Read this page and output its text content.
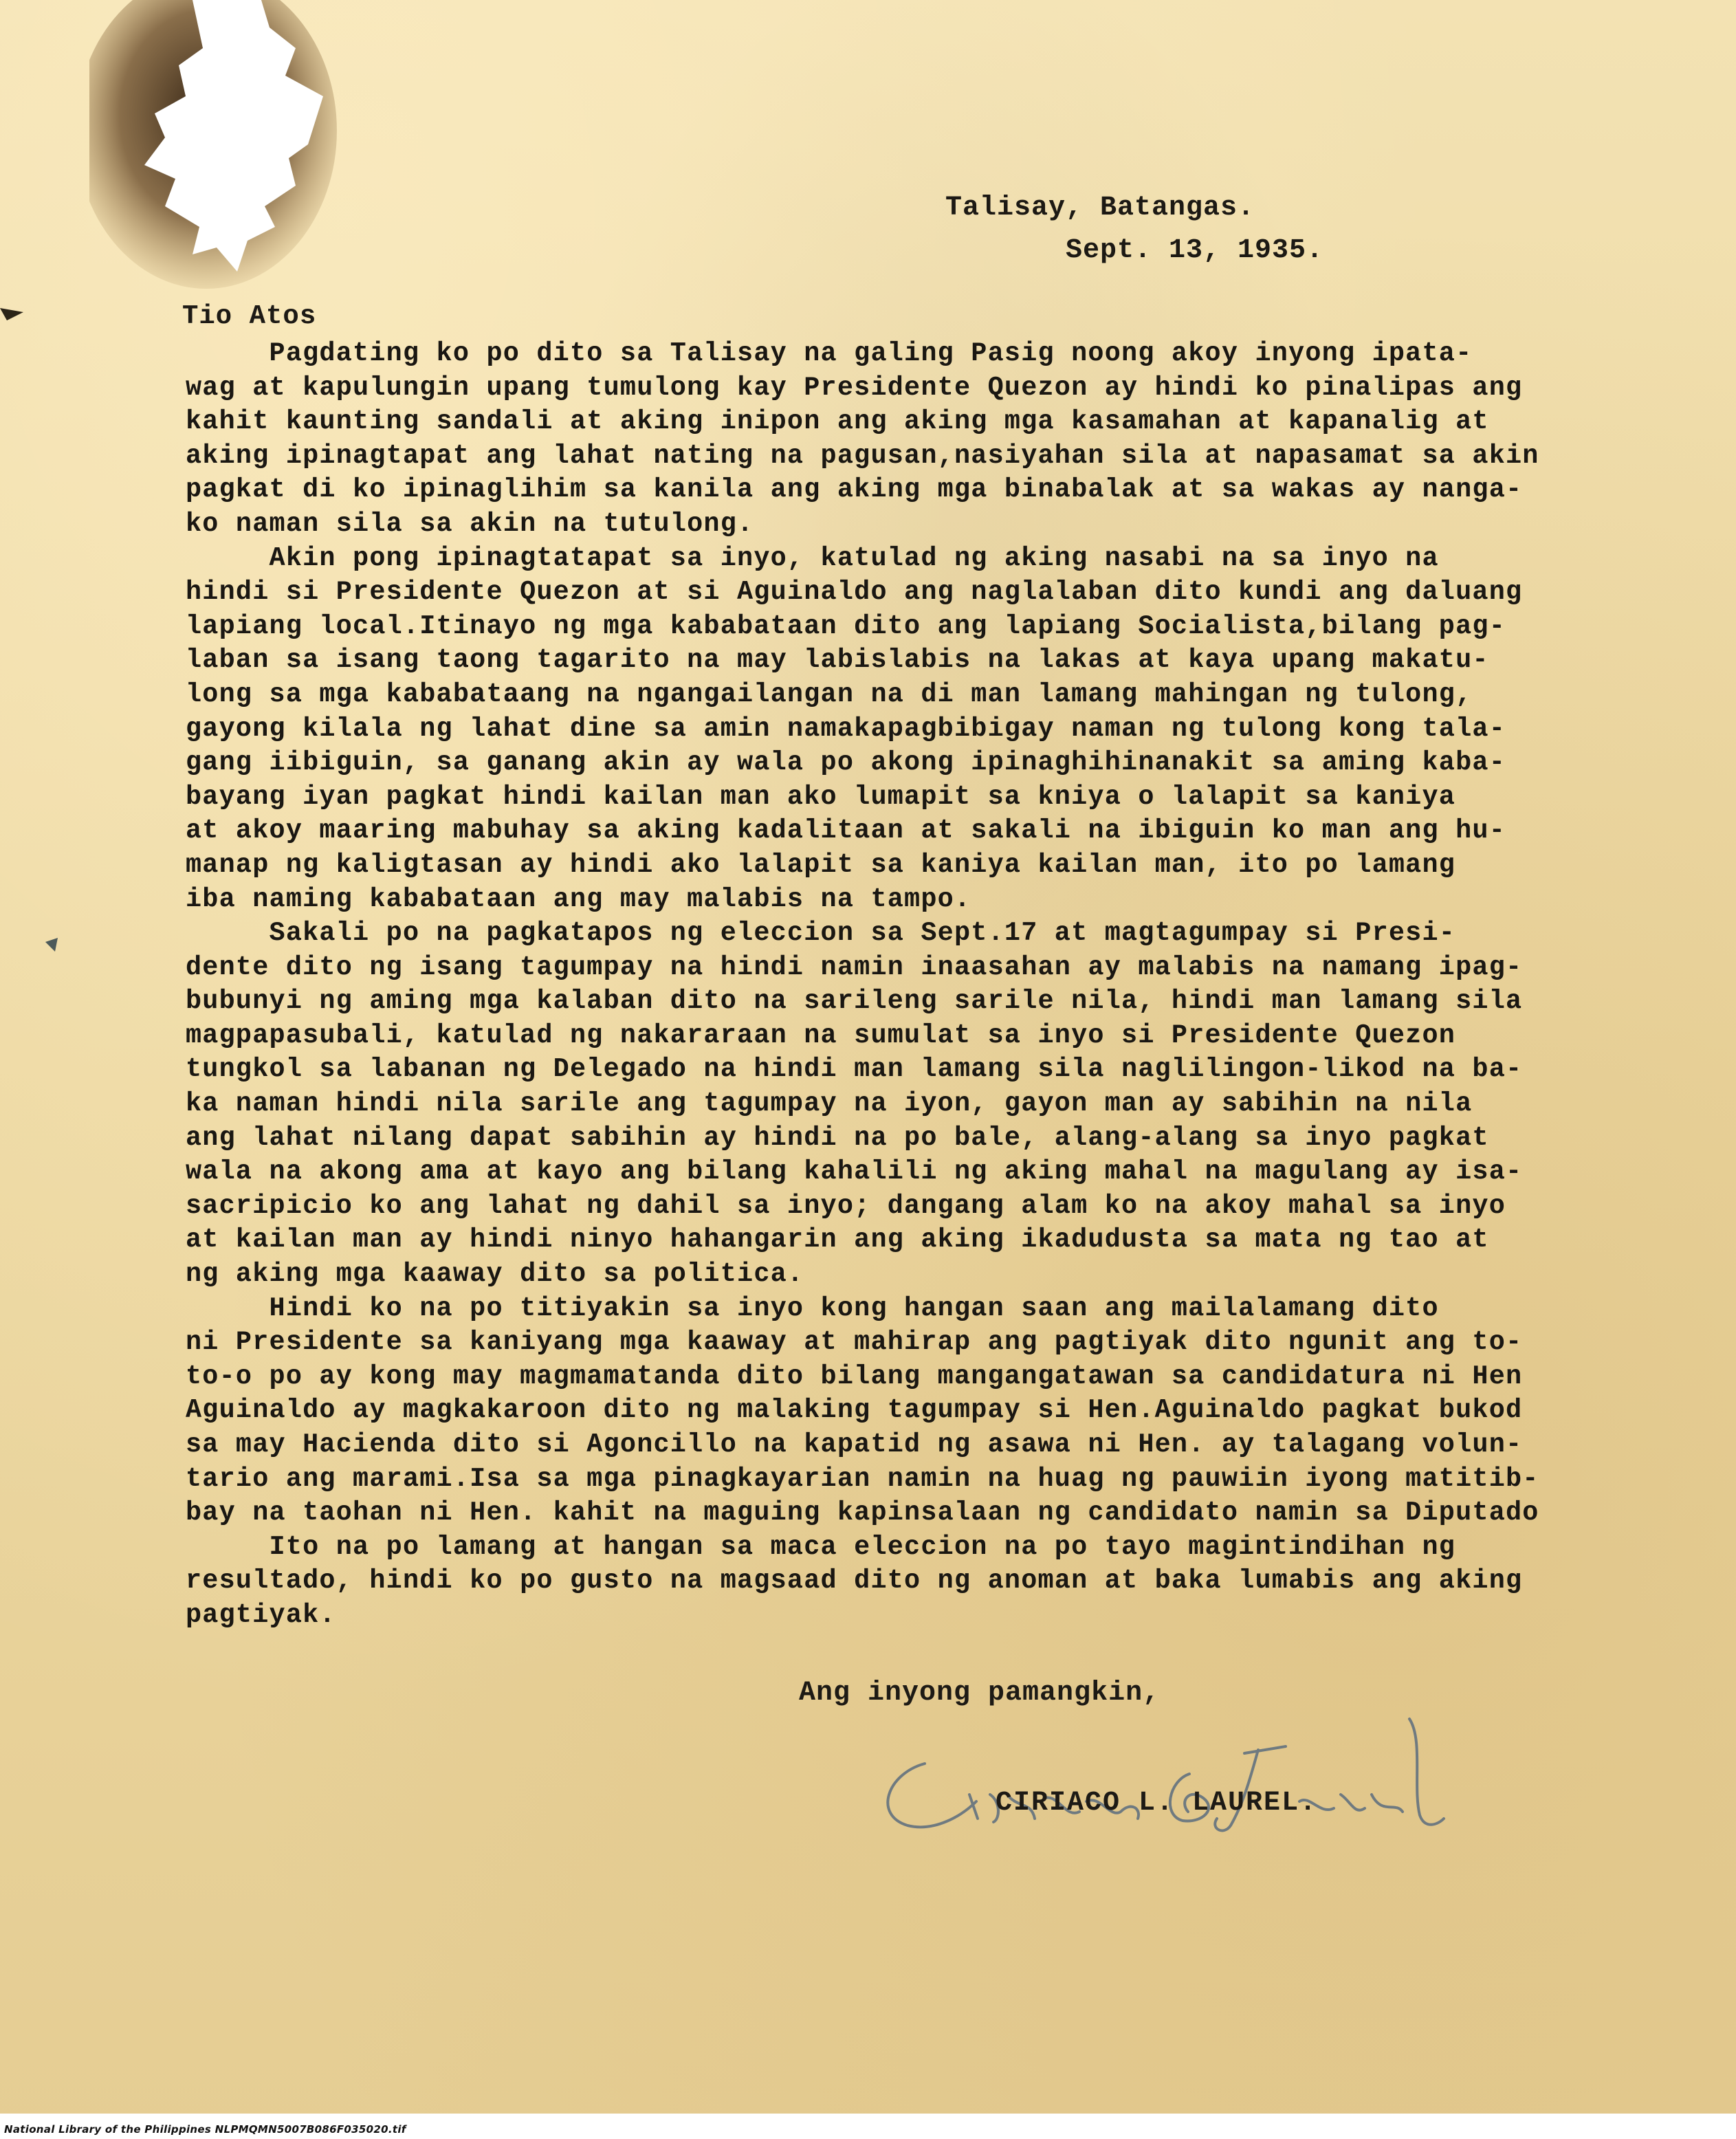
Talisay, Batangas.
Sept. 13, 1935.
Tio Atos
Pagdating ko po dito sa Talisay na galing Pasig noong akoy inyong ipata-
wag at kapulungin upang tumulong kay Presidente Quezon ay hindi ko pinalipas ang
kahit kaunting sandali at aking inipon ang aking mga kasamahan at kapanalig at
aking ipinagtapat ang lahat nating na pagusan,nasiyahan sila at napasamat sa akin
pagkat di ko ipinaglihim sa kanila ang aking mga binabalak at sa wakas ay nanga-
ko naman sila sa akin na tutulong.
Akin pong ipinagtatapat sa inyo, katulad ng aking nasabi na sa inyo na
hindi si Presidente Quezon at si Aguinaldo ang naglalaban dito kundi ang daluang
lapiang local.Itinayo ng mga kababataan dito ang lapiang Socialista,bilang pag-
laban sa isang taong tagarito na may labislabis na lakas at kaya upang makatu-
long sa mga kababataang na ngangailangan na di man lamang mahingan ng tulong,
gayong kilala ng lahat dine sa amin namakapagbibigay naman ng tulong kong tala-
gang iibiguin, sa ganang akin ay wala po akong ipinaghihinanakit sa aming kaba-
bayang iyan pagkat hindi kailan man ako lumapit sa kniya o lalapit sa kaniya
at akoy maaring mabuhay sa aking kadalitaan at sakali na ibiguin ko man ang hu-
manap ng kaligtasan ay hindi ako lalapit sa kaniya kailan man, ito po lamang
iba naming kababataan ang may malabis na tampo.
Sakali po na pagkatapos ng eleccion sa Sept.17 at magtagumpay si Presi-
dente dito ng isang tagumpay na hindi namin inaasahan ay malabis na namang ipag-
bubunyi ng aming mga kalaban dito na sarileng sarile nila, hindi man lamang sila
magpapasubali, katulad ng nakararaan na sumulat sa inyo si Presidente Quezon
tungkol sa labanan ng Delegado na hindi man lamang sila naglilingon-likod na ba-
ka naman hindi nila sarile ang tagumpay na iyon, gayon man ay sabihin na nila
ang lahat nilang dapat sabihin ay hindi na po bale, alang-alang sa inyo pagkat
wala na akong ama at kayo ang bilang kahalili ng aking mahal na magulang ay isa-
sacripicio ko ang lahat ng dahil sa inyo; dangang alam ko na akoy mahal sa inyo
at kailan man ay hindi ninyo hahangarin ang aking ikadudusta sa mata ng tao at
ng aking mga kaaway dito sa politica.
Hindi ko na po titiyakin sa inyo kong hangan saan ang mailalamang dito
ni Presidente sa kaniyang mga kaaway at mahirap ang pagtiyak dito ngunit ang to-
to-o po ay kong may magmamatanda dito bilang mangangatawan sa candidatura ni Hen
Aguinaldo ay magkakaroon dito ng malaking tagumpay si Hen.Aguinaldo pagkat bukod
sa may Hacienda dito si Agoncillo na kapatid ng asawa ni Hen. ay talagang volun-
tario ang marami.Isa sa mga pinagkayarian namin na huag ng pauwiin iyong matitib-
bay na taohan ni Hen. kahit na maguing kapinsalaan ng candidato namin sa Diputado
Ito na po lamang at hangan sa maca eleccion na po tayo magintindihan ng
resultado, hindi ko po gusto na magsaad dito ng anoman at baka lumabis ang aking
pagtiyak.
Ang inyong pamangkin,
CIRIACO L. LAUREL.
National Library of the Philippines NLPMQMN5007B086F035020.tif
